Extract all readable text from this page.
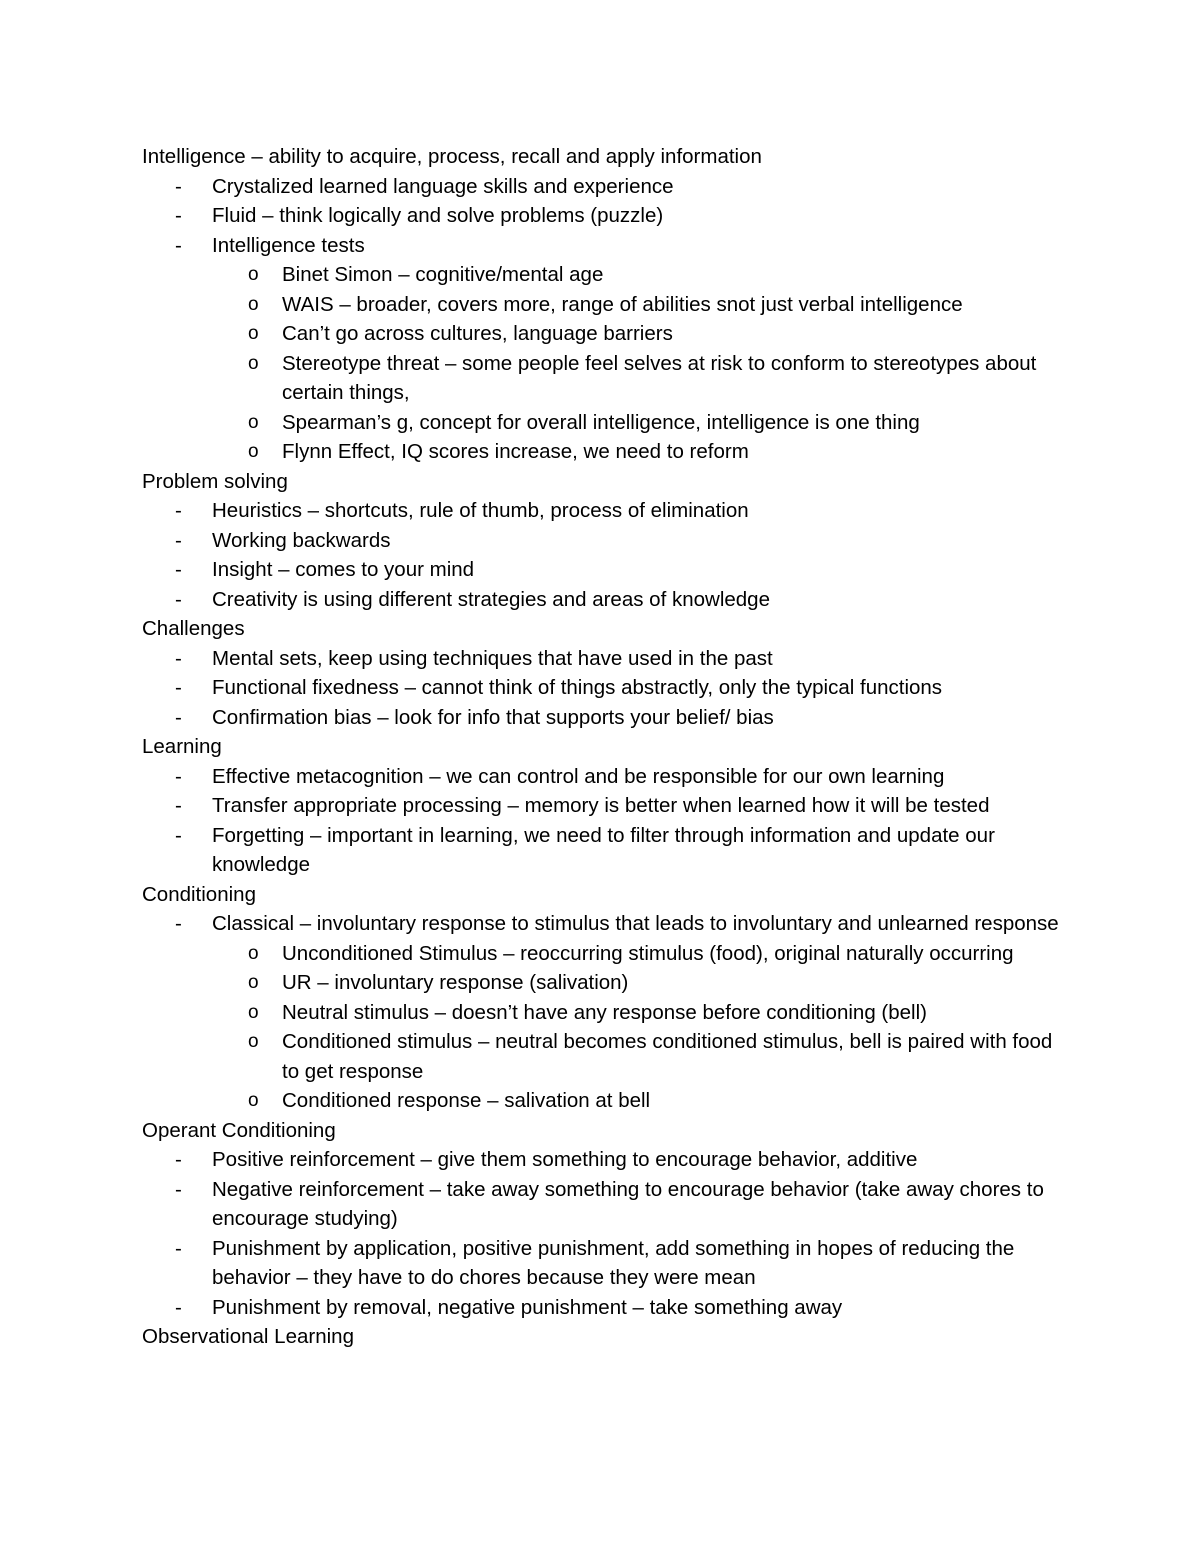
Intelligence – ability to acquire, process, recall and apply information
- Crystalized learned language skills and experience
- Fluid – think logically and solve problems (puzzle)
- Intelligence tests
o Binet Simon – cognitive/mental age
o WAIS – broader, covers more, range of abilities snot just verbal intelligence
o Can’t go across cultures, language barriers
o Stereotype threat – some people feel selves at risk to conform to stereotypes about certain things,
o Spearman’s g, concept for overall intelligence, intelligence is one thing
o Flynn Effect, IQ scores increase, we need to reform
Problem solving
- Heuristics – shortcuts, rule of thumb, process of elimination
- Working backwards
- Insight – comes to your mind
- Creativity is using different strategies and areas of knowledge
Challenges
- Mental sets, keep using techniques that have used in the past
- Functional fixedness – cannot think of things abstractly, only the typical functions
- Confirmation bias – look for info that supports your belief/ bias
Learning
- Effective metacognition – we can control and be responsible for our own learning
- Transfer appropriate processing – memory is better when learned how it will be tested
- Forgetting – important in learning, we need to filter through information and update our knowledge
Conditioning
- Classical – involuntary response to stimulus that leads to involuntary and unlearned response
o Unconditioned Stimulus – reoccurring stimulus (food), original naturally occurring
o UR – involuntary response (salivation)
o Neutral stimulus – doesn’t have any response before conditioning (bell)
o Conditioned stimulus – neutral becomes conditioned stimulus, bell is paired with food to get response
o Conditioned response – salivation at bell
Operant Conditioning
- Positive reinforcement – give them something to encourage behavior, additive
- Negative reinforcement – take away something to encourage behavior (take away chores to encourage studying)
- Punishment by application, positive punishment, add something in hopes of reducing the behavior – they have to do chores because they were mean
- Punishment by removal, negative punishment – take something away
Observational Learning
